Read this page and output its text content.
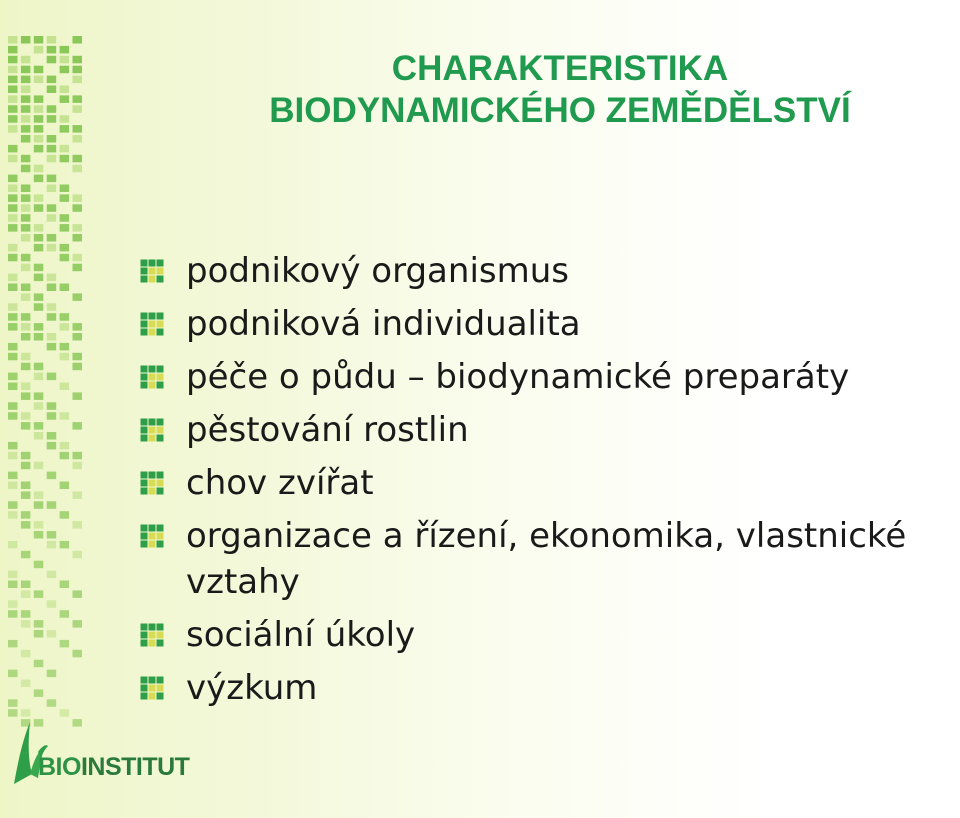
CHARAKTERISTIKA
BIODYNAMICKÉHO ZEMĚDĚLSTVÍ
podnikový organismus
podniková individualita
péče o půdu – biodynamické preparáty
pěstování rostlin
chov zvířat
organizace a řízení, ekonomika, vlastnické vztahy
sociální úkoly
výzkum
BIOINSTITUT
